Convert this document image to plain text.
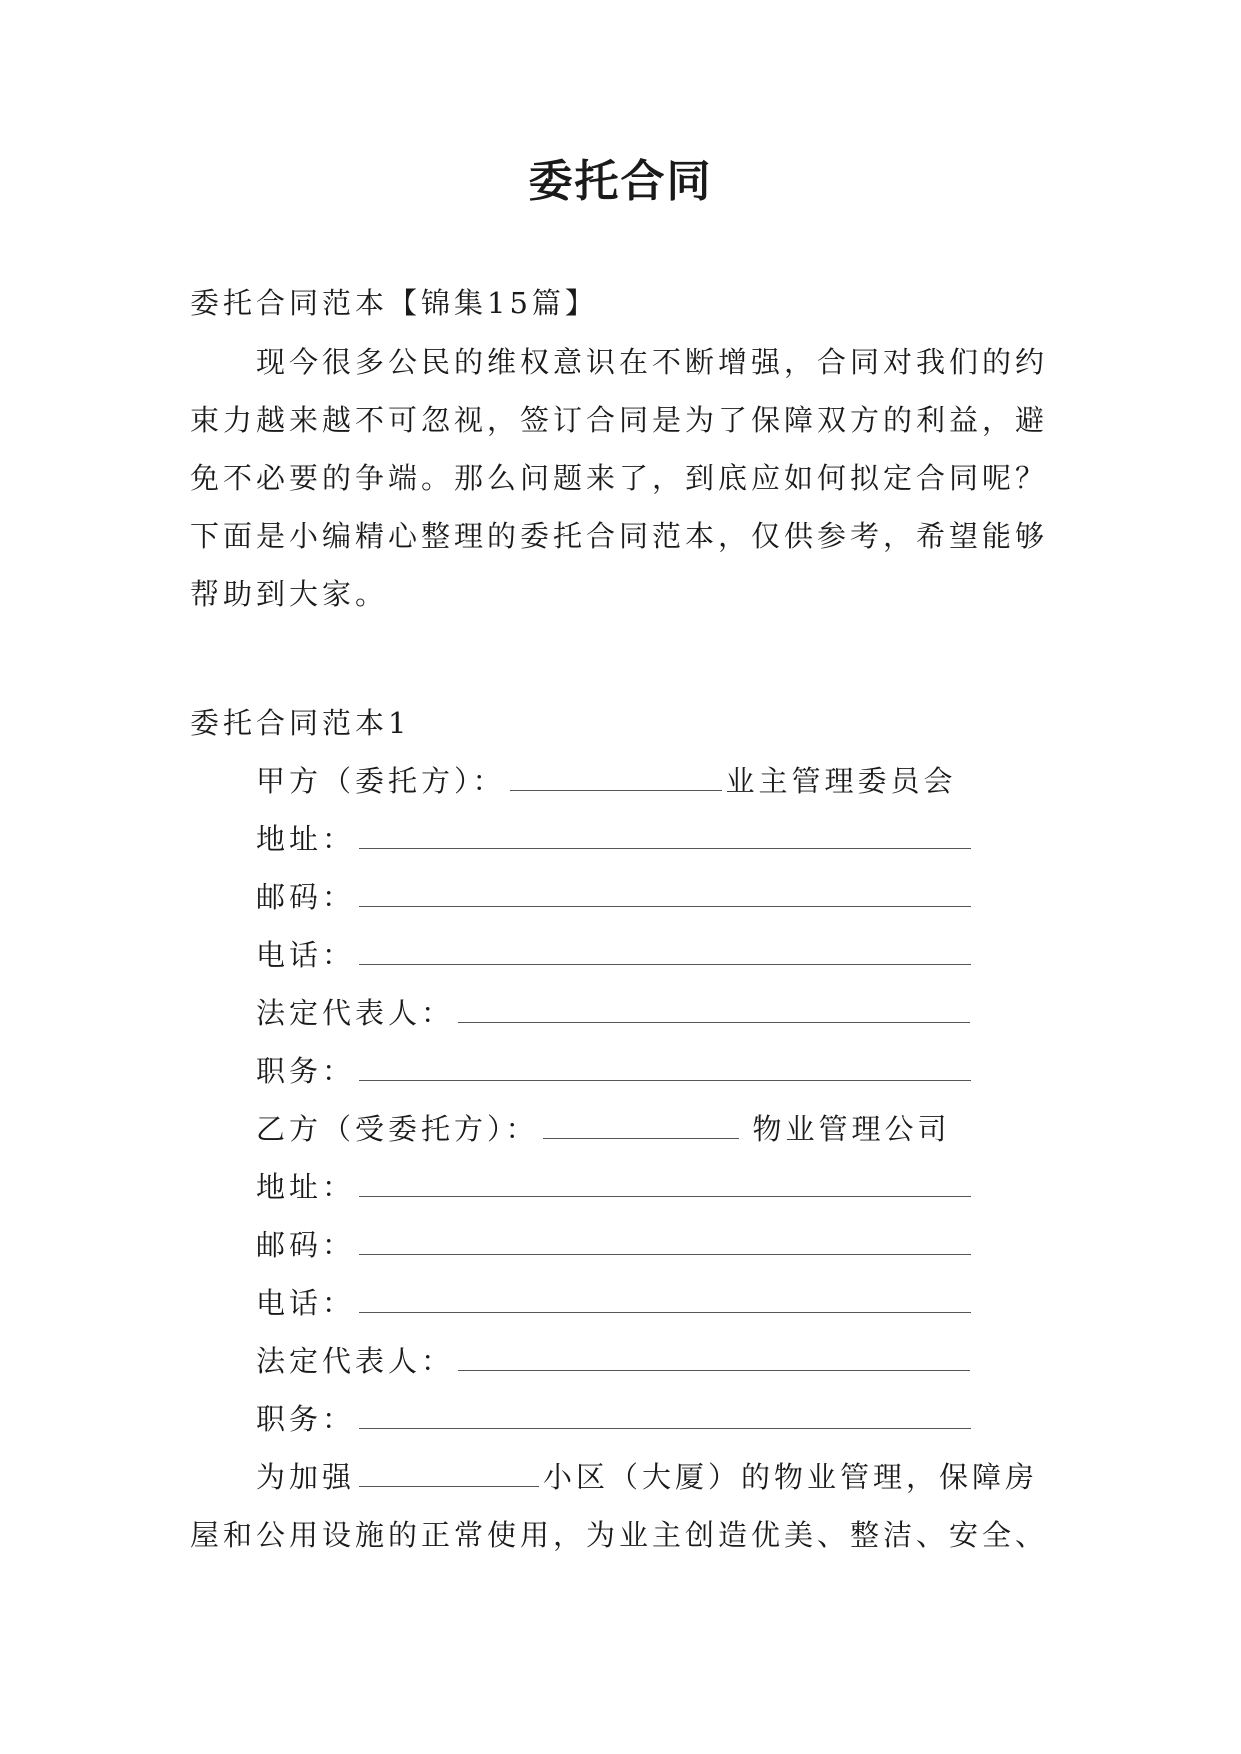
委托合同
委托合同范本【锦集15篇】
现今很多公民的维权意识在不断增强，合同对我们的约
束力越来越不可忽视，签订合同是为了保障双方的利益，避
免不必要的争端。那么问题来了，到底应如何拟定合同呢？
下面是小编精心整理的委托合同范本，仅供参考，希望能够
帮助到大家。
委托合同范本1
甲方（委托方）：	业主管理委员会
地址：
邮码：
电话：
法定代表人：
职务：
乙方（受委托方）：	物业管理公司
地址：
邮码：
电话：
法定代表人：
职务：
为加强	小区（大厦）的物业管理，保障房
屋和公用设施的正常使用，为业主创造优美、整洁、安全、
